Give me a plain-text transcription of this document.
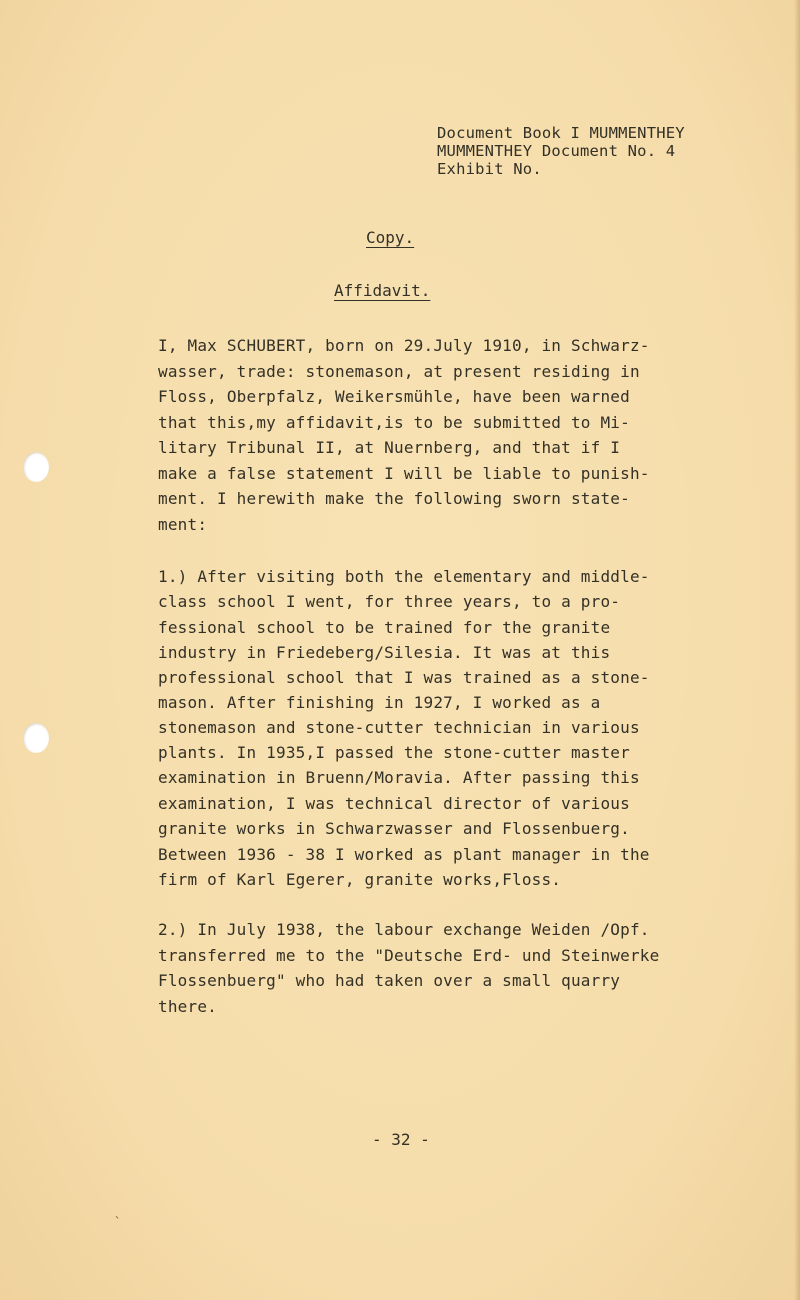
Document Book I MUMMENTHEY
MUMMENTHEY Document No. 4
Exhibit No.
Copy.
Affidavit.
I, Max SCHUBERT, born on 29.July 1910, in Schwarz-
wasser, trade: stonemason, at present residing in
Floss, Oberpfalz, Weikersmühle, have been warned
that this,my affidavit,is to be submitted to Mi-
litary Tribunal II, at Nuernberg, and that if I
make a false statement I will be liable to punish-
ment. I herewith make the following sworn state-
ment:
1.) After visiting both the elementary and middle-
class school I went, for three years, to a pro-
fessional school to be trained for the granite
industry in Friedeberg/Silesia. It was at this
professional school that I was trained as a stone-
mason. After finishing in 1927, I worked as a
stonemason and stone-cutter technician in various
plants. In 1935,I passed the stone-cutter master
examination in Bruenn/Moravia. After passing this
examination, I was technical director of various
granite works in Schwarzwasser and Flossenbuerg.
Between 1936 - 38 I worked as plant manager in the
firm of Karl Egerer, granite works,Floss.
2.) In July 1938, the labour exchange Weiden /Opf.
transferred me to the "Deutsche Erd- und Steinwerke
Flossenbuerg" who had taken over a small quarry
there.
- 32 -
`
